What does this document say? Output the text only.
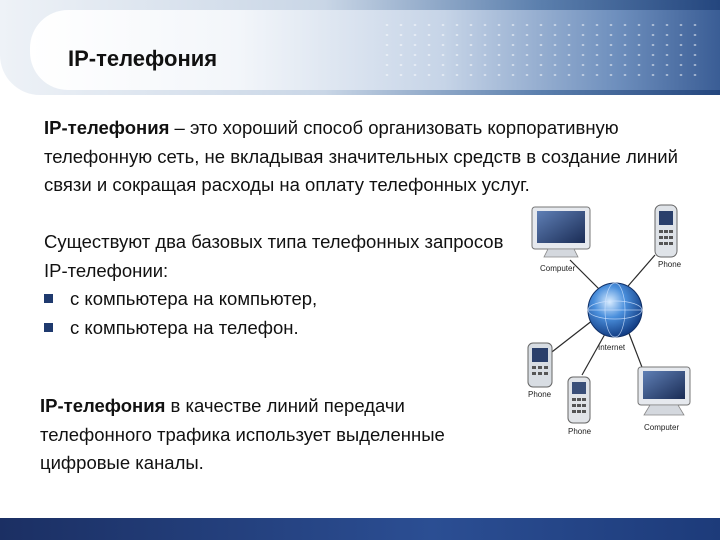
IP-телефония
IP-телефония – это хороший способ организовать корпоративную телефонную сеть, не вкладывая значительных средств в создание линий связи и сокращая расходы на оплату телефонных услуг.
Существуют два базовых типа телефонных запросов IP-телефонии:
с компьютера на компьютер,
с компьютера на телефон.
IP-телефония в качестве линий передачи телефонного трафика использует выделенные цифровые каналы.
Computer	Phone
Internet
Phone
Phone	Computer
